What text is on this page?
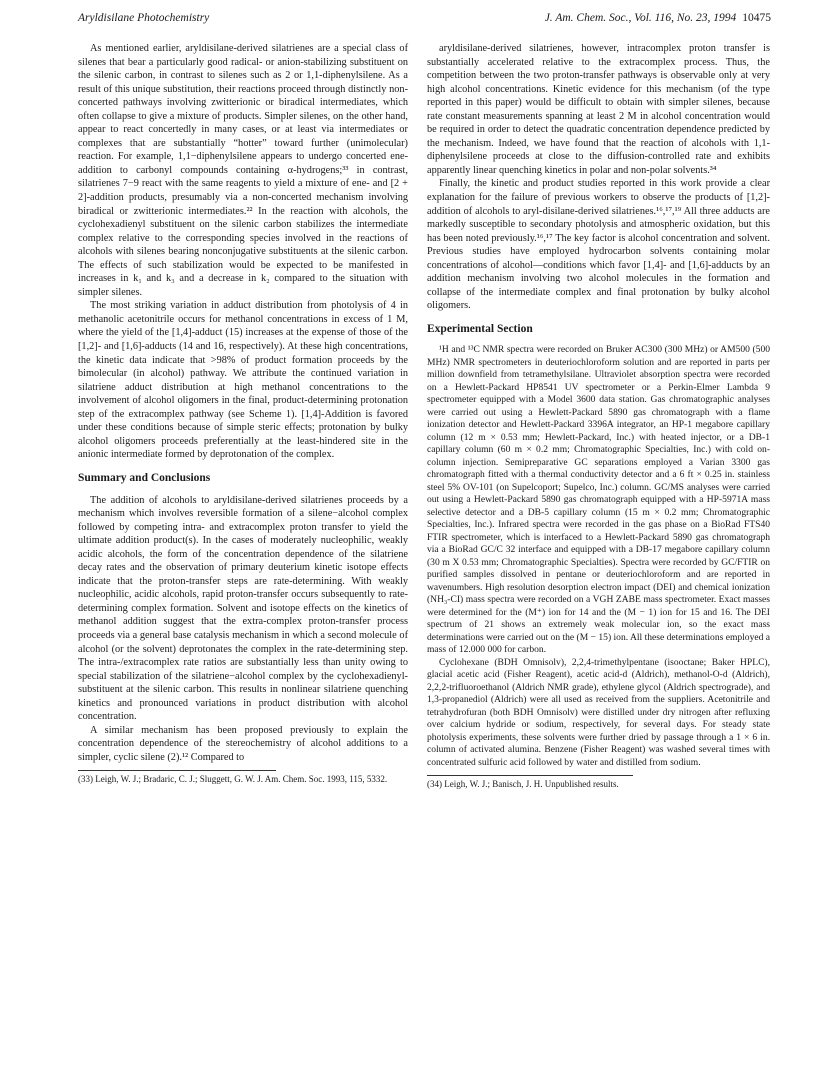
Aryldisilane Photochemistry	J. Am. Chem. Soc., Vol. 116, No. 23, 1994 10475

As mentioned earlier, aryldisilane-derived silatrienes are a special class of silenes that bear a particularly good radical- or anion-stabilizing substituent on the silenic carbon, in contrast to silenes such as 2 or 1,1-diphenylsilene. As a result of this unique substitution, their reactions proceed through distinctly non-concerted pathways involving zwitterionic or biradical intermediates, which often collapse to give a mixture of products. Simpler silenes, on the other hand, appear to react concertedly in many cases, or at least via intermediates or complexes that are substantially “hotter” toward further (unimolecular) reaction. For example, 1,1−diphenylsilene appears to undergo concerted ene-addition to carbonyl compounds containing α-hydrogens;³³ in contrast, silatrienes 7−9 react with the same reagents to yield a mixture of ene- and [2 + 2]-addition products, presumably via a non-concerted mechanism involving biradical or zwitterionic intermediates.²² In the reaction with alcohols, the cyclohexadienyl substituent on the silenic carbon stabilizes the intermediate complex relative to the corresponding species involved in the reactions of alcohols with silenes bearing nonconjugative substituents at the silenic carbon. The effects of such stabilization would be expected to be manifested in increases in k₁ and k₃ and a decrease in k₂ compared to the situation with simpler silenes.

The most striking variation in adduct distribution from photolysis of 4 in methanolic acetonitrile occurs for methanol concentrations in excess of 1 M, where the yield of the [1,4]-adduct (15) increases at the expense of those of the [1,2]- and [1,6]-adducts (14 and 16, respectively). At these high concentrations, the kinetic data indicate that >98% of product formation proceeds by the bimolecular (in alcohol) pathway. We attribute the continued variation in silatriene adduct distribution at high methanol concentrations to the involvement of alcohol oligomers in the final, product-determining protonation step of the extracomplex pathway (see Scheme 1). [1,4]-Addition is favored under these conditions because of simple steric effects; protonation by bulky alcohol oligomers proceeds preferentially at the least-hindered site in the anionic intermediate formed by deprotonation of the complex.

Summary and Conclusions

The addition of alcohols to aryldisilane-derived silatrienes proceeds by a mechanism which involves reversible formation of a silene−alcohol complex followed by competing intra- and extracomplex proton transfer to yield the ultimate addition product(s). In the cases of moderately nucleophilic, weakly acidic alcohols, the form of the concentration dependence of the silatriene decay rates and the observation of primary deuterium kinetic isotope effects indicate that the proton-transfer steps are rate-determining. With weakly nucleophilic, acidic alcohols, rapid proton-transfer occurs subsequently to rate-determining complex formation. Solvent and isotope effects on the kinetics of methanol addition suggest that the extra-complex proton-transfer process proceeds via a general base catalysis mechanism in which a second molecule of alcohol (or the solvent) deprotonates the complex in the rate-determining step. The intra-/extracomplex rate ratios are substantially less than unity owing to special stabilization of the silatriene−alcohol complex by the cyclohexadienyl-substituent at the silenic carbon. This results in nonlinear silatriene quenching kinetics and pronounced variations in product distribution with alcohol concentration.

A similar mechanism has been proposed previously to explain the concentration dependence of the stereochemistry of alcohol additions to a simpler, cyclic silene (2).¹² Compared to

(33) Leigh, W. J.; Bradaric, C. J.; Sluggett, G. W. J. Am. Chem. Soc. 1993, 115, 5332.

aryldisilane-derived silatrienes, however, intracomplex proton transfer is substantially accelerated relative to the extracomplex process. Thus, the competition between the two proton-transfer pathways is observable only at very high alcohol concentrations. Kinetic evidence for this mechanism (of the type reported in this paper) would be difficult to obtain with simpler silenes, because rate constant measurements spanning at least 2 M in alcohol concentration would be required in order to detect the quadratic concentration dependence predicted by the mechanism. Indeed, we have found that the reaction of alcohols with 1,1-diphenylsilene proceeds at close to the diffusion-controlled rate and exhibits apparently linear quenching kinetics in polar and non-polar solvents.³⁴

Finally, the kinetic and product studies reported in this work provide a clear explanation for the failure of previous workers to observe the products of [1,2]-addition of alcohols to aryl-disilane-derived silatrienes.¹⁶,¹⁷,¹⁹ All three adducts are markedly susceptible to secondary photolysis and atmospheric oxidation, but this has been noted previously.¹⁶,¹⁷ The key factor is alcohol concentration and solvent. Previous studies have employed hydrocarbon solvents containing molar concentrations of alcohol—conditions which favor [1,4]- and [1,6]-adducts by an addition mechanism involving two alcohol molecules in the formation and collapse of the intermediate complex and final protonation by bulky alcohol oligomers.

Experimental Section

¹H and ¹³C NMR spectra were recorded on Bruker AC300 (300 MHz) or AM500 (500 MHz) NMR spectrometers in deuteriochloroform solution and are reported in parts per million downfield from tetramethylsilane. Ultraviolet absorption spectra were recorded on a Hewlett-Packard HP8541 UV spectrometer or a Perkin-Elmer Lambda 9 spectrometer equipped with a Model 3600 data station. Gas chromatographic analyses were carried out using a Hewlett-Packard 5890 gas chromatograph with a flame ionization detector and Hewlett-Packard 3396A integrator, an HP-1 megabore capillary column (12 m × 0.53 mm; Hewlett-Packard, Inc.) with heated injector, or a DB-1 capillary column (60 m × 0.2 mm; Chromatographic Specialties, Inc.) with cold on-column injection. Semipreparative GC separations employed a Varian 3300 gas chromatograph fitted with a thermal conductivity detector and a 6 ft × 0.25 in. stainless steel 5% OV-101 (on Supelcoport; Supelco, Inc.) column. GC/MS analyses were carried out using a Hewlett-Packard 5890 gas chromatograph equipped with a HP-5971A mass selective detector and a DB-5 capillary column (15 m × 0.2 mm; Chromatographic Specialties, Inc.). Infrared spectra were recorded in the gas phase on a BioRad FTS40 FTIR spectrometer, which is interfaced to a Hewlett-Packard 5890 gas chromatograph via a BioRad GC/C 32 interface and equipped with a DB-17 megabore capillary column (30 m X 0.53 mm; Chromatographic Specialties). Spectra were recorded by GC/FTIR on purified samples dissolved in pentane or deuteriochloroform and are reported in wavenumbers. High resolution desorption electron impact (DEI) and chemical ionization (NH₃-CI) mass spectra were recorded on a VGH ZABE mass spectrometer. Exact masses were determined for the (M⁺) ion for 14 and the (M − 1) ion for 15 and 16. The DEI spectrum of 21 shows an extremely weak molecular ion, so the exact mass determinations were carried out on the (M − 15) ion. All these determinations employed a mass of 12.000 000 for carbon.

Cyclohexane (BDH Omnisolv), 2,2,4-trimethylpentane (isooctane; Baker HPLC), glacial acetic acid (Fisher Reagent), acetic acid-d (Aldrich), methanol-O-d (Aldrich), 2,2,2-trifluoroethanol (Aldrich NMR grade), ethylene glycol (Aldrich spectrograde), and 1,3-propanediol (Aldrich) were all used as received from the suppliers. Acetonitrile and tetrahydrofuran (both BDH Omnisolv) were distilled under dry nitrogen after refluxing over calcium hydride or sodium, respectively, for several days. For steady state photolysis experiments, these solvents were further dried by passage through a 1 × 6 in. column of activated alumina. Benzene (Fisher Reagent) was washed several times with concentrated sulfuric acid followed by water and distilled from sodium.

(34) Leigh, W. J.; Banisch, J. H. Unpublished results.
